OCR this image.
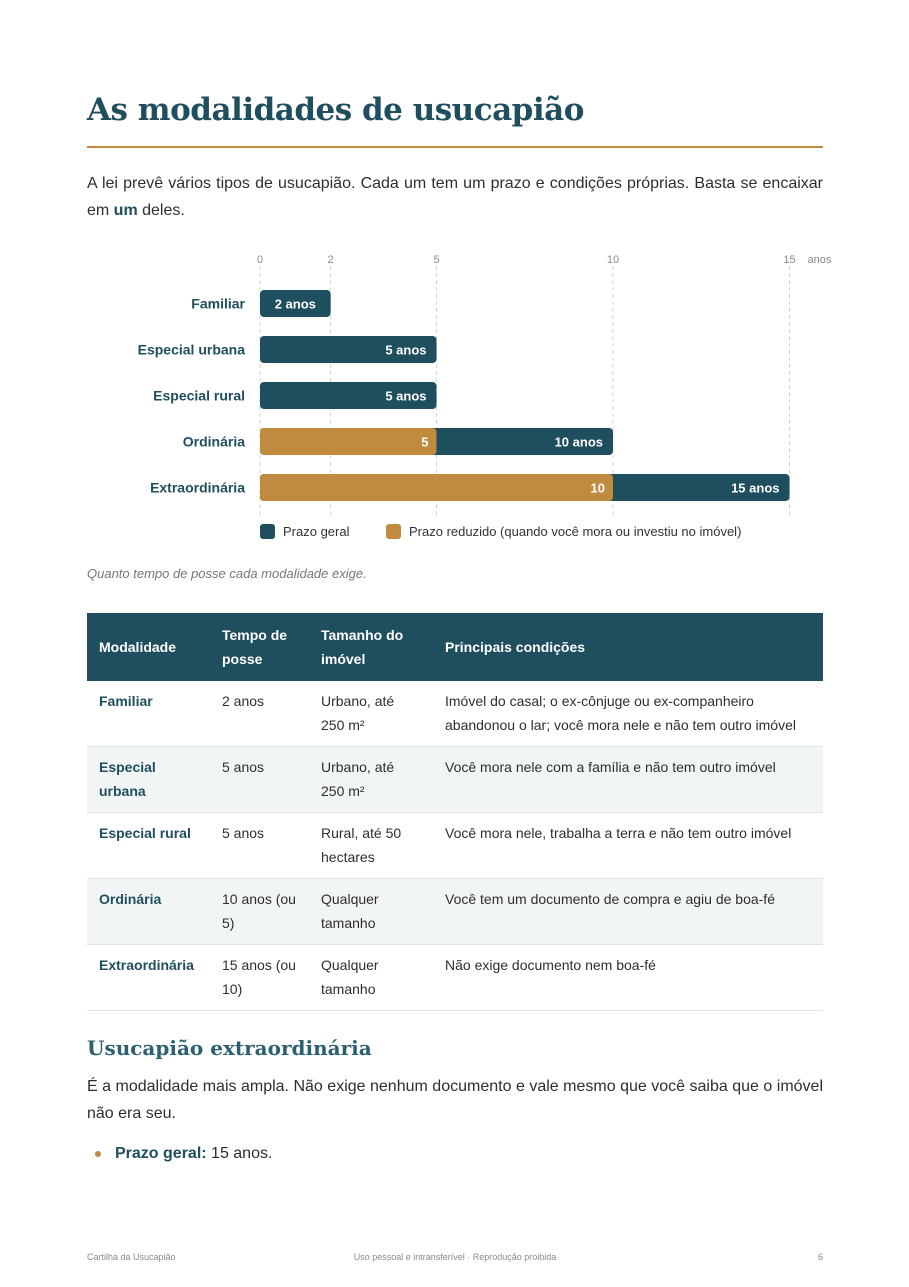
As modalidades de usucapião

A lei prevê vários tipos de usucapião. Cada um tem um prazo e condições próprias. Basta se encaixar em um deles.

0	2	5	10	15 anos
Familiar 2 anos
Especial urbana	5 anos
Especial rural	5 anos
Ordinária	5	10 anos
Extraordinária	10	15 anos
Prazo geral	Prazo reduzido (quando você mora ou investiu no imóvel)
Quanto tempo de posse cada modalidade exige.
Modalidade	Tempo de posse	Tamanho do imóvel	Principais condições
Familiar	2 anos	Urbano, até 250 m²	Imóvel do casal; o ex-cônjuge ou ex-companheiro abandonou o lar; você mora nele e não tem outro imóvel
Especial urbana	5 anos	Urbano, até 250 m²	Você mora nele com a família e não tem outro imóvel
Especial rural	5 anos	Rural, até 50 hectares	Você mora nele, trabalha a terra e não tem outro imóvel
Ordinária	10 anos (ou 5)	Qualquer tamanho	Você tem um documento de compra e agiu de boa-fé
Extraordinária	15 anos (ou 10)	Qualquer tamanho	Não exige documento nem boa-fé
Usucapião extraordinária

É a modalidade mais ampla. Não exige nenhum documento e vale mesmo que você saiba que o imóvel não era seu.

Prazo geral: 15 anos.
Cartilha da Usucapião	Uso pessoal e intransferível · Reprodução proibida	6
